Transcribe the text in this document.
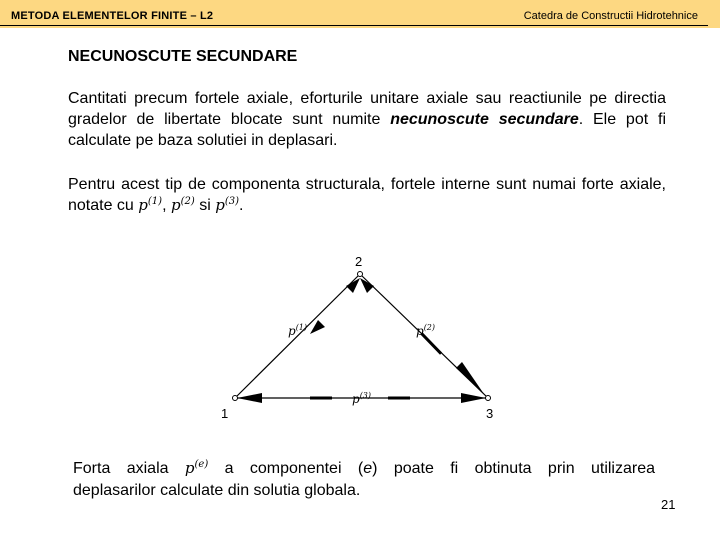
METODA ELEMENTELOR FINITE – L2	Catedra de Constructii Hidrotehnice
NECUNOSCUTE SECUNDARE
Cantitati precum fortele axiale, eforturile unitare axiale sau reactiunile pe directia gradelor de libertate blocate sunt numite necunoscute secundare. Ele pot fi calculate pe baza solutiei in deplasari.
Pentru acest tip de componenta structurala, fortele interne sunt numai forte axiale, notate cu $p^{(1)}$, $p^{(2)}$ si $p^{(3)}$.
1
2
3
$p^{(1)}$	$p^{(2)}$
$p^{(3)}$
Forta axiala $p^{(e)}$ a componentei (e) poate fi obtinuta prin utilizarea
deplasarilor calculate din solutia globala.
21
